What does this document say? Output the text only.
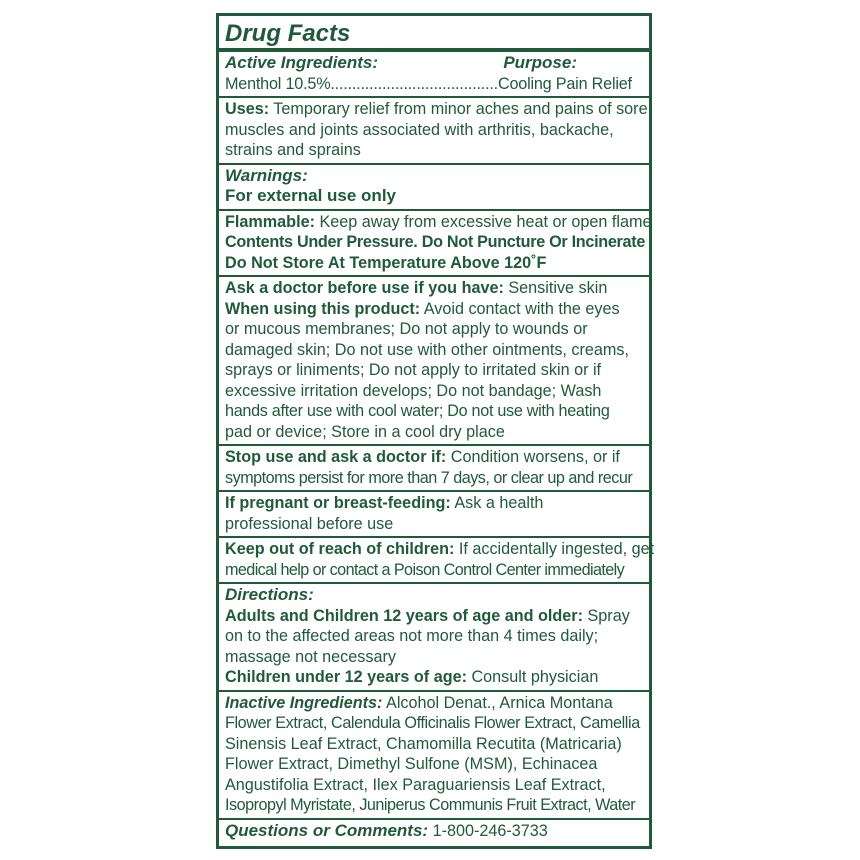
Drug Facts
Active Ingredients:	Purpose:
Menthol 10.5%.......................................Cooling Pain Relief
Uses: Temporary relief from minor aches and pains of sore
muscles and joints associated with arthritis, backache,
strains and sprains
Warnings:
For external use only
Flammable: Keep away from excessive heat or open flame
Contents Under Pressure. Do Not Puncture Or Incinerate
Do Not Store At Temperature Above 120˚F
Ask a doctor before use if you have: Sensitive skin
When using this product: Avoid contact with the eyes
or mucous membranes; Do not apply to wounds or
damaged skin; Do not use with other ointments, creams,
sprays or liniments; Do not apply to irritated skin or if
excessive irritation develops; Do not bandage; Wash
hands after use with cool water; Do not use with heating
pad or device; Store in a cool dry place
Stop use and ask a doctor if: Condition worsens, or if
symptoms persist for more than 7 days, or clear up and recur
If pregnant or breast-feeding: Ask a health
professional before use
Keep out of reach of children: If accidentally ingested, get
medical help or contact a Poison Control Center immediately
Directions:
Adults and Children 12 years of age and older: Spray
on to the affected areas not more than 4 times daily;
massage not necessary
Children under 12 years of age: Consult physician
Inactive Ingredients: Alcohol Denat., Arnica Montana
Flower Extract, Calendula Officinalis Flower Extract, Camellia
Sinensis Leaf Extract, Chamomilla Recutita (Matricaria)
Flower Extract, Dimethyl Sulfone (MSM), Echinacea
Angustifolia Extract, Ilex Paraguariensis Leaf Extract,
Isopropyl Myristate, Juniperus Communis Fruit Extract, Water
Questions or Comments: 1-800-246-3733
